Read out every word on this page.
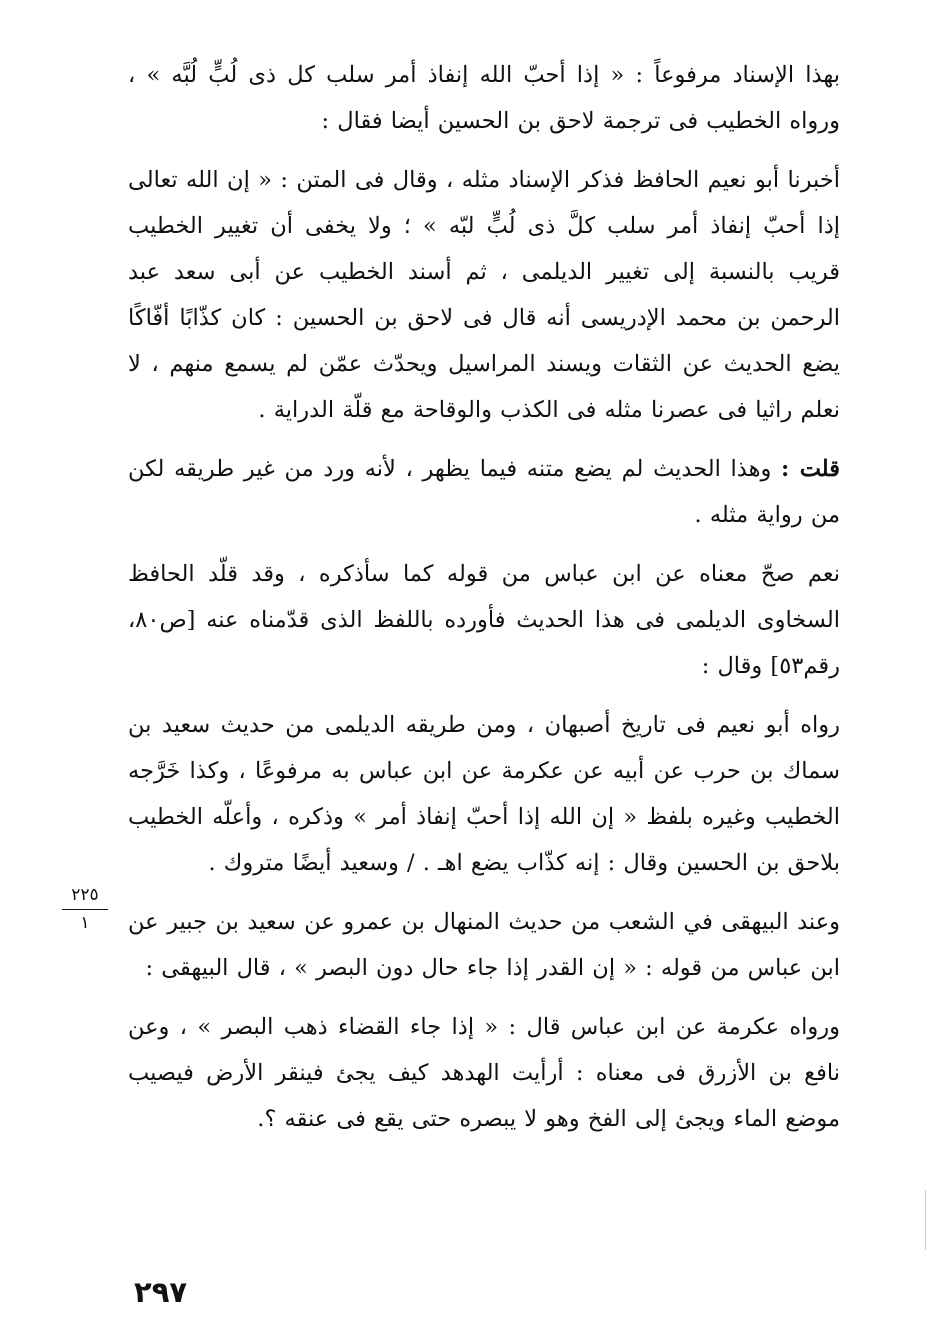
بهذا الإسناد مرفوعاً : « إذا أحبّ الله إنفاذ أمر سلب كل ذى لُبٍّ لُبَّه » ، ورواه الخطيب فى ترجمة لاحق بن الحسين أيضا فقال :

أخبرنا أبو نعيم الحافظ فذكر الإسناد مثله ، وقال فى المتن : « إن الله تعالى إذا أحبّ إنفاذ أمر سلب كلَّ ذى لُبٍّ لبّه » ؛ ولا يخفى أن تغيير الخطيب قريب بالنسبة إلى تغيير الديلمى ، ثم أسند الخطيب عن أبى سعد عبد الرحمن بن محمد الإدريسى أنه قال فى لاحق بن الحسين : كان كذّابًا أفّاكًا يضع الحديث عن الثقات ويسند المراسيل ويحدّث عمّن لم يسمع منهم ، لا نعلم راثيا فى عصرنا مثله فى الكذب والوقاحة مع قلّة الدراية .

قلت : وهذا الحديث لم يضع متنه فيما يظهر ، لأنه ورد من غير طريقه لكن من رواية مثله .

نعم صحّ معناه عن ابن عباس من قوله كما سأذكره ، وقد قلّد الحافظ السخاوى الديلمى فى هذا الحديث فأورده باللفظ الذى قدّمناه عنه [ص٨٠، رقم٥٣] وقال :

رواه أبو نعيم فى تاريخ أصبهان ، ومن طريقه الديلمى من حديث سعيد بن سماك بن حرب عن أبيه عن عكرمة عن ابن عباس به مرفوعًا ، وكذا خَرَّجه الخطيب وغيره بلفظ « إن الله إذا أحبّ إنفاذ أمر » وذكره ، وأعلّه الخطيب بلاحق بن الحسين وقال : إنه كذّاب يضع اهـ . / وسعيد أيضًا متروك .

وعند البيهقى في الشعب من حديث المنهال بن عمرو عن سعيد بن جبير عن ابن عباس من قوله : « إن القدر إذا جاء حال دون البصر » ، قال البيهقى :

ورواه عكرمة عن ابن عباس قال : « إذا جاء القضاء ذهب البصر » ، وعن نافع بن الأزرق فى معناه : أرأيت الهدهد كيف يجئ فينقر الأرض فيصيب موضع الماء ويجئ إلى الفخ وهو لا يبصره حتى يقع فى عنقه ؟.

٢٢٥
١
٢٩٧
